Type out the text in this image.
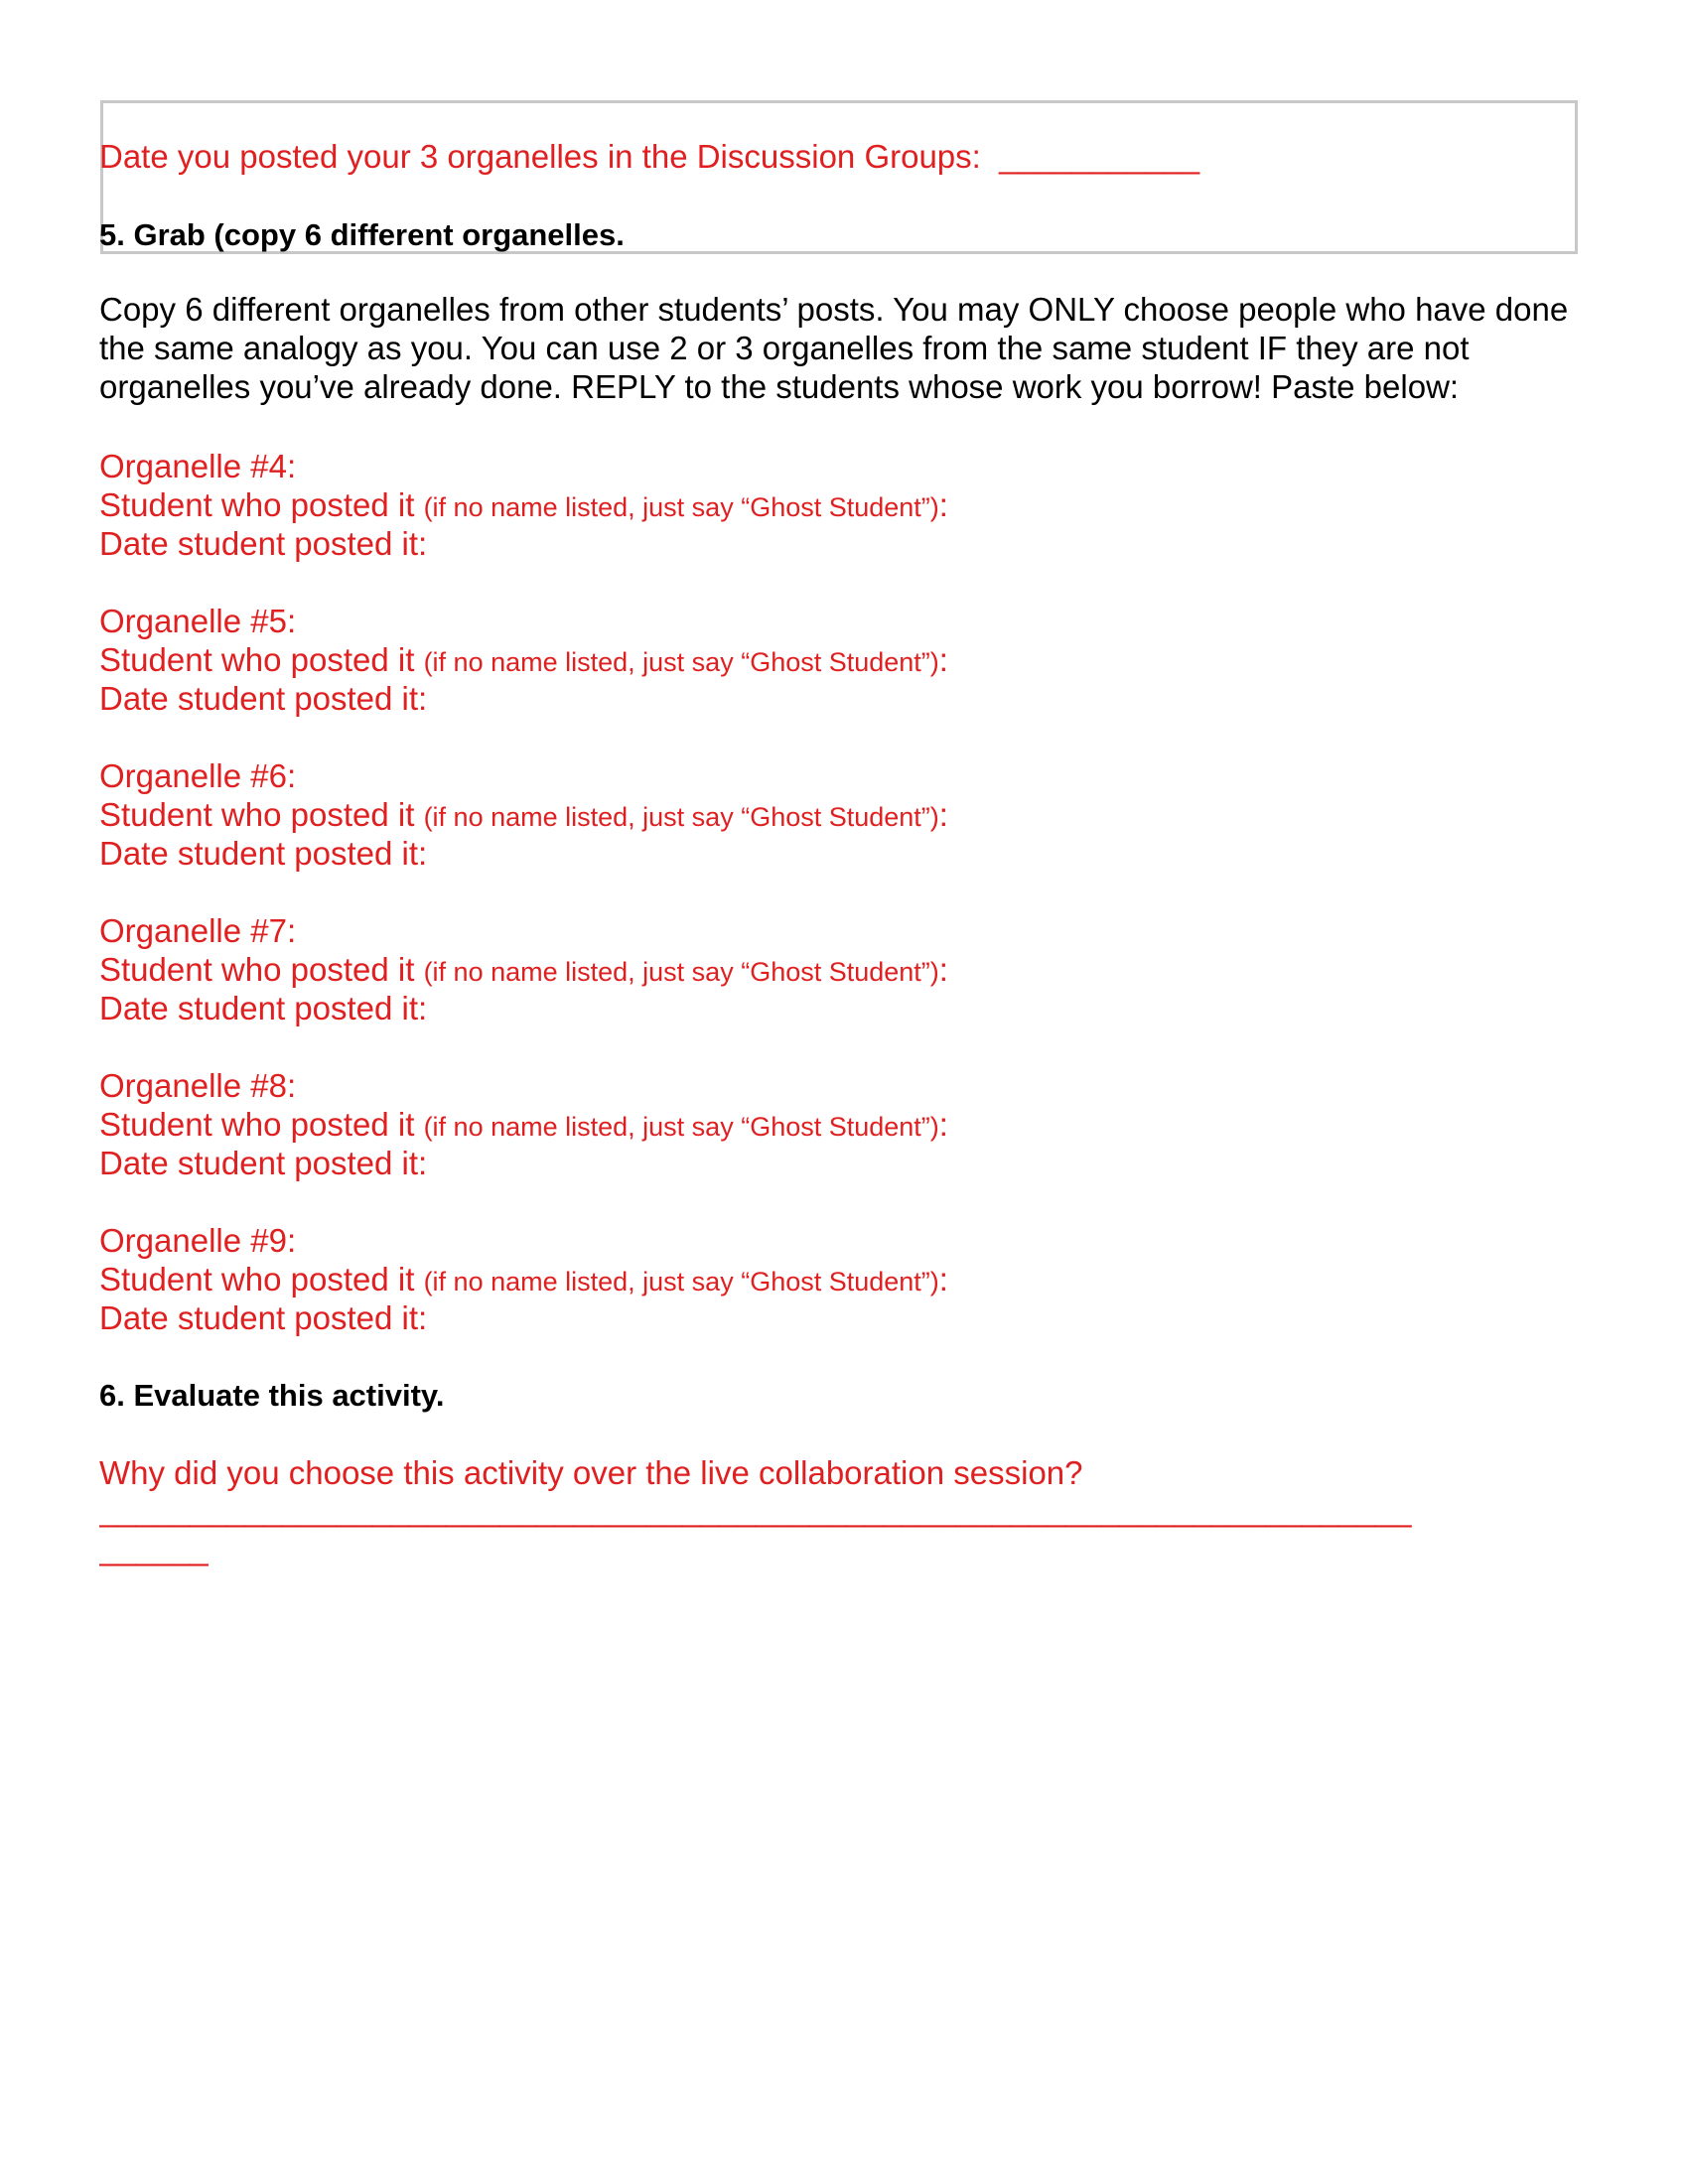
Date you posted your 3 organelles in the Discussion Groups: ___________

5. Grab (copy 6 different organelles.

Copy 6 different organelles from other students’ posts. You may ONLY choose people who have done the same analogy as you. You can use 2 or 3 organelles from the same student IF they are not organelles you’ve already done. REPLY to the students whose work you borrow! Paste below:

Organelle #4:

Student who posted it (if no name listed, just say “Ghost Student”):

Date student posted it:

Organelle #5:

Student who posted it (if no name listed, just say “Ghost Student”):

Date student posted it:

Organelle #6:

Student who posted it (if no name listed, just say “Ghost Student”):

Date student posted it:

Organelle #7:

Student who posted it (if no name listed, just say “Ghost Student”):

Date student posted it:

Organelle #8:

Student who posted it (if no name listed, just say “Ghost Student”):

Date student posted it:

Organelle #9:

Student who posted it (if no name listed, just say “Ghost Student”):

Date student posted it:

6. Evaluate this activity.

Why did you choose this activity over the live collaboration session?

________________________________________________________________________

______
